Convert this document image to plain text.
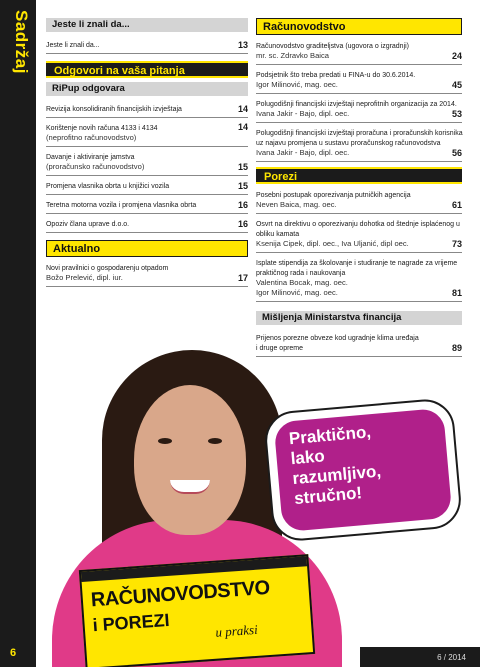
Sadržaj
6	6 / 2014
Jeste li znali da...
Jeste li znali da...	13
Odgovori na vaša pitanja
RiPup odgovara
Revizija konsolidiranih financijskih izvještaja	14
Korištenje novih računa 4133 i 4134
(neprofitno računovodstvo)
14
Davanje i aktiviranje jamstva
(proračunsko računovodstvo)	15
Promjena vlasnika obrta u knjižici vozila	15
Teretna motorna vozila i promjena vlasnika obrta	16
Opoziv člana uprave d.o.o.	16
Aktualno
Novi pravilnici o gospodarenju otpadom
Božo Prelević, dipl. iur.	17
Računovodstvo
Računovodstvo graditeljstva (ugovora o izgradnji)
mr. sc. Zdravko Baica	24
Podsjetnik što treba predati u FINA-u do 30.6.2014.
Igor Milinović, mag. oec.	45
Polugodišnji financijski izvještaji neprofitnih organizacija za 2014.
Ivana Jakir - Bajo, dipl. oec.	53
Polugodišnji financijski izvještaji proračuna i proračunskih korisnika
uz najavu promjena u sustavu proračunskog računovodstva
Ivana Jakir - Bajo, dipl. oec.	56
Porezi
Posebni postupak oporezivanja putničkih agencija
Neven Baica, mag. oec.	61
Osvrt na direktivu o oporezivanju dohotka od štednje isplaćenog u
obliku kamata
Ksenija Cipek, dipl. oec., Iva Uljanić, dipl oec.	73
Isplate stipendija za školovanje i studiranje te nagrade za vrijeme
praktičnog rada i naukovanja
Valentina Bocak, mag. oec.
Igor Milinović, mag. oec.	81
Mišljenja Ministarstva financija
Prijenos porezne obveze kod ugradnje klima uređaja
i druge opreme	89
RAČUNOVODSTVO
i POREZI	u praksi
Praktično,
lako
razumljivo,
stručno!
